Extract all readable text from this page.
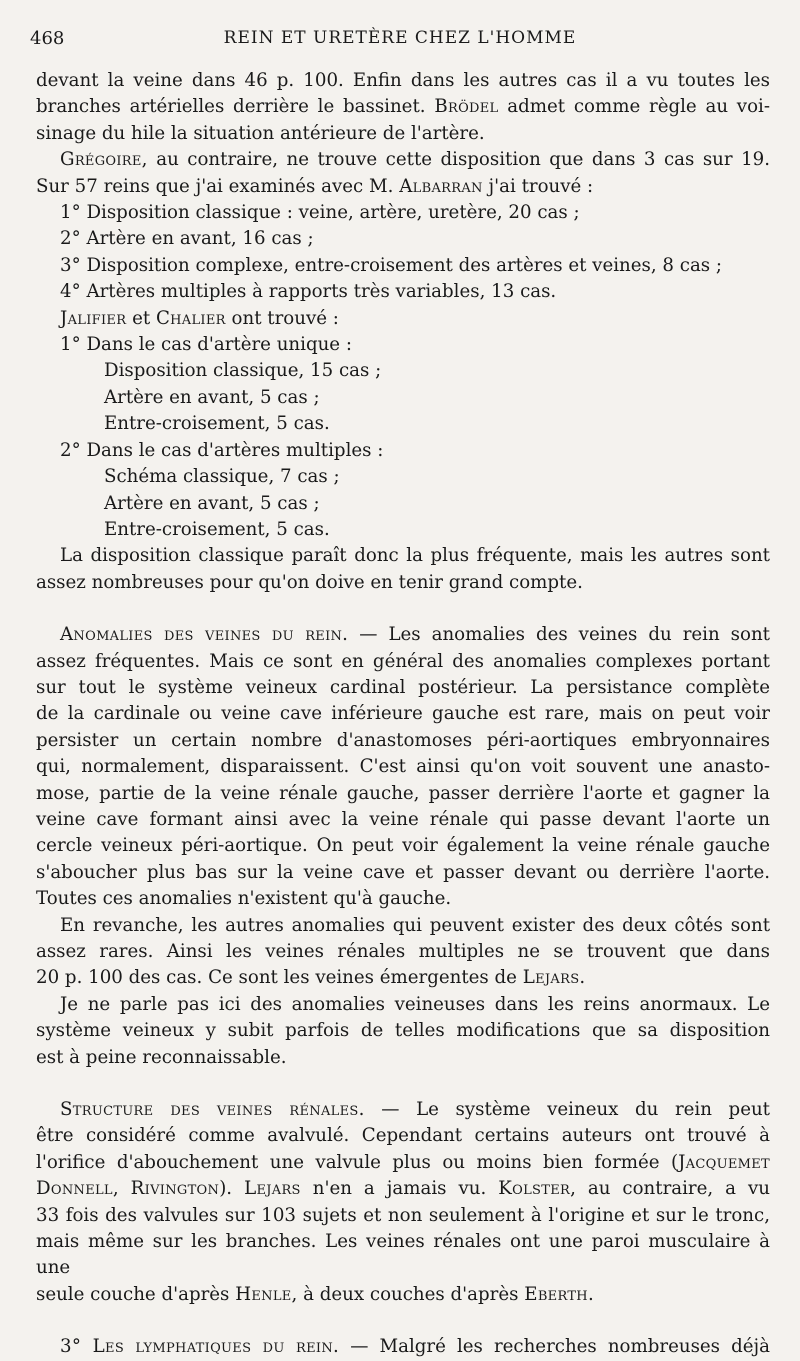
468	REIN ET URETÈRE CHEZ L'HOMME

devant la veine dans 46 p. 100. Enfin dans les autres cas il a vu toutes les

branches artérielles derrière le bassinet. Brödel admet comme règle au voi-

sinage du hile la situation antérieure de l'artère.

Grégoire, au contraire, ne trouve cette disposition que dans 3 cas sur 19.

Sur 57 reins que j'ai examinés avec M. Albarran j'ai trouvé :

1° Disposition classique : veine, artère, uretère, 20 cas ;

2° Artère en avant, 16 cas ;

3° Disposition complexe, entre-croisement des artères et veines, 8 cas ;

4° Artères multiples à rapports très variables, 13 cas.

Jalifier et Chalier ont trouvé :

1° Dans le cas d'artère unique :

Disposition classique, 15 cas ;

Artère en avant, 5 cas ;

Entre-croisement, 5 cas.

2° Dans le cas d'artères multiples :

Schéma classique, 7 cas ;

Artère en avant, 5 cas ;

Entre-croisement, 5 cas.

La disposition classique paraît donc la plus fréquente, mais les autres sont

assez nombreuses pour qu'on doive en tenir grand compte.

Anomalies des veines du rein. — Les anomalies des veines du rein sont

assez fréquentes. Mais ce sont en général des anomalies complexes portant

sur tout le système veineux cardinal postérieur. La persistance complète

de la cardinale ou veine cave inférieure gauche est rare, mais on peut voir

persister un certain nombre d'anastomoses péri-aortiques embryonnaires

qui, normalement, disparaissent. C'est ainsi qu'on voit souvent une anasto-

mose, partie de la veine rénale gauche, passer derrière l'aorte et gagner la

veine cave formant ainsi avec la veine rénale qui passe devant l'aorte un

cercle veineux péri-aortique. On peut voir également la veine rénale gauche

s'aboucher plus bas sur la veine cave et passer devant ou derrière l'aorte.

Toutes ces anomalies n'existent qu'à gauche.

En revanche, les autres anomalies qui peuvent exister des deux côtés sont

assez rares. Ainsi les veines rénales multiples ne se trouvent que dans

20 p. 100 des cas. Ce sont les veines émergentes de Lejars.

Je ne parle pas ici des anomalies veineuses dans les reins anormaux. Le

système veineux y subit parfois de telles modifications que sa disposition

est à peine reconnaissable.

Structure des veines rénales. — Le système veineux du rein peut

être considéré comme avalvulé. Cependant certains auteurs ont trouvé à

l'orifice d'abouchement une valvule plus ou moins bien formée (Jacquemet

Donnell, Rivington). Lejars n'en a jamais vu. Kolster, au contraire, a vu

33 fois des valvules sur 103 sujets et non seulement à l'origine et sur le tronc,

mais même sur les branches. Les veines rénales ont une paroi musculaire à une

seule couche d'après Henle, à deux couches d'après Eberth.

3° Les lymphatiques du rein. — Malgré les recherches nombreuses déjà
